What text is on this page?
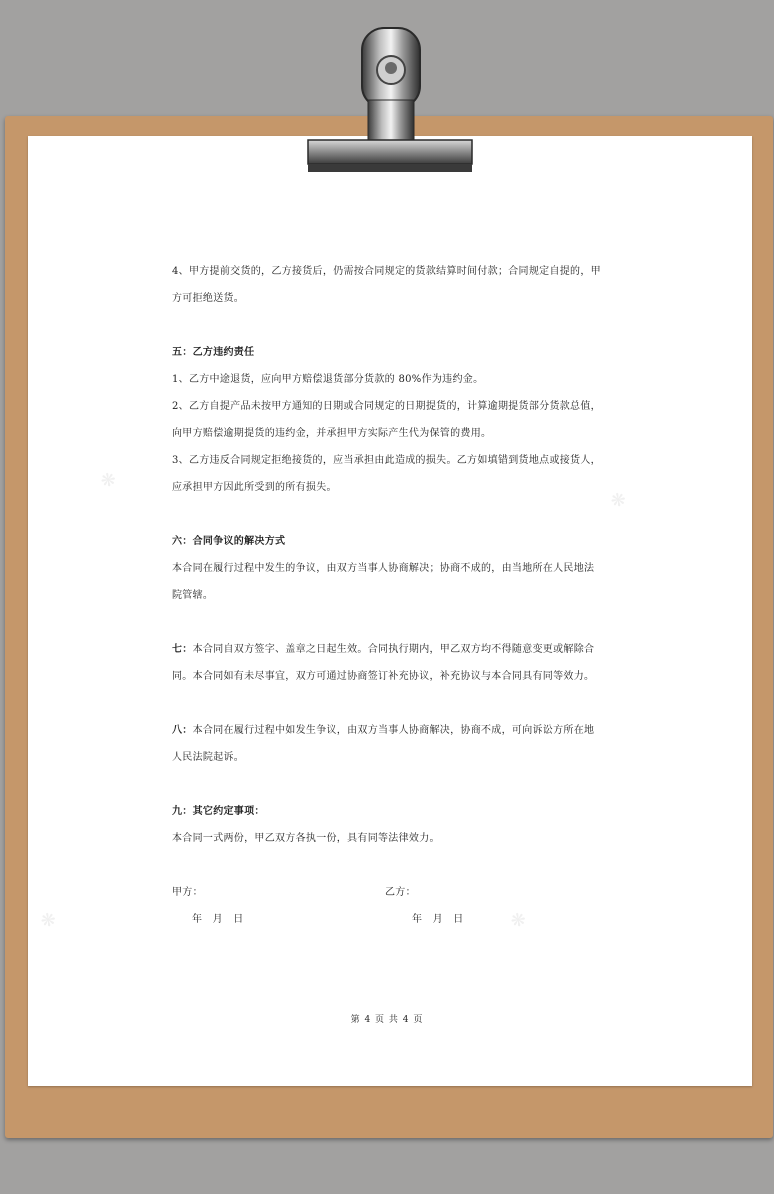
❋
❋
❋	❋
4、甲方提前交货的，乙方接货后，仍需按合同规定的货款结算时间付款；合同规定自提的，甲
方可拒绝送货。
五：乙方违约责任
1、乙方中途退货，应向甲方赔偿退货部分货款的 80%作为违约金。
2、乙方自提产品未按甲方通知的日期或合同规定的日期提货的，计算逾期提货部分货款总值，
向甲方赔偿逾期提货的违约金，并承担甲方实际产生代为保管的费用。
3、乙方违反合同规定拒绝接货的，应当承担由此造成的损失。乙方如填错到货地点或接货人，
应承担甲方因此所受到的所有损失。
六：合同争议的解决方式
本合同在履行过程中发生的争议，由双方当事人协商解决；协商不成的，由当地所在人民地法
院管辖。
七：本合同自双方签字、盖章之日起生效。合同执行期内，甲乙双方均不得随意变更或解除合
同。本合同如有未尽事宜，双方可通过协商签订补充协议，补充协议与本合同具有同等效力。
八：本合同在履行过程中如发生争议，由双方当事人协商解决，协商不成，可向诉讼方所在地
人民法院起诉。
九：其它约定事项：
本合同一式两份，甲乙双方各执一份，具有同等法律效力。
甲方：	乙方：
年　月　日	年　月　日
第 4 页 共 4 页
